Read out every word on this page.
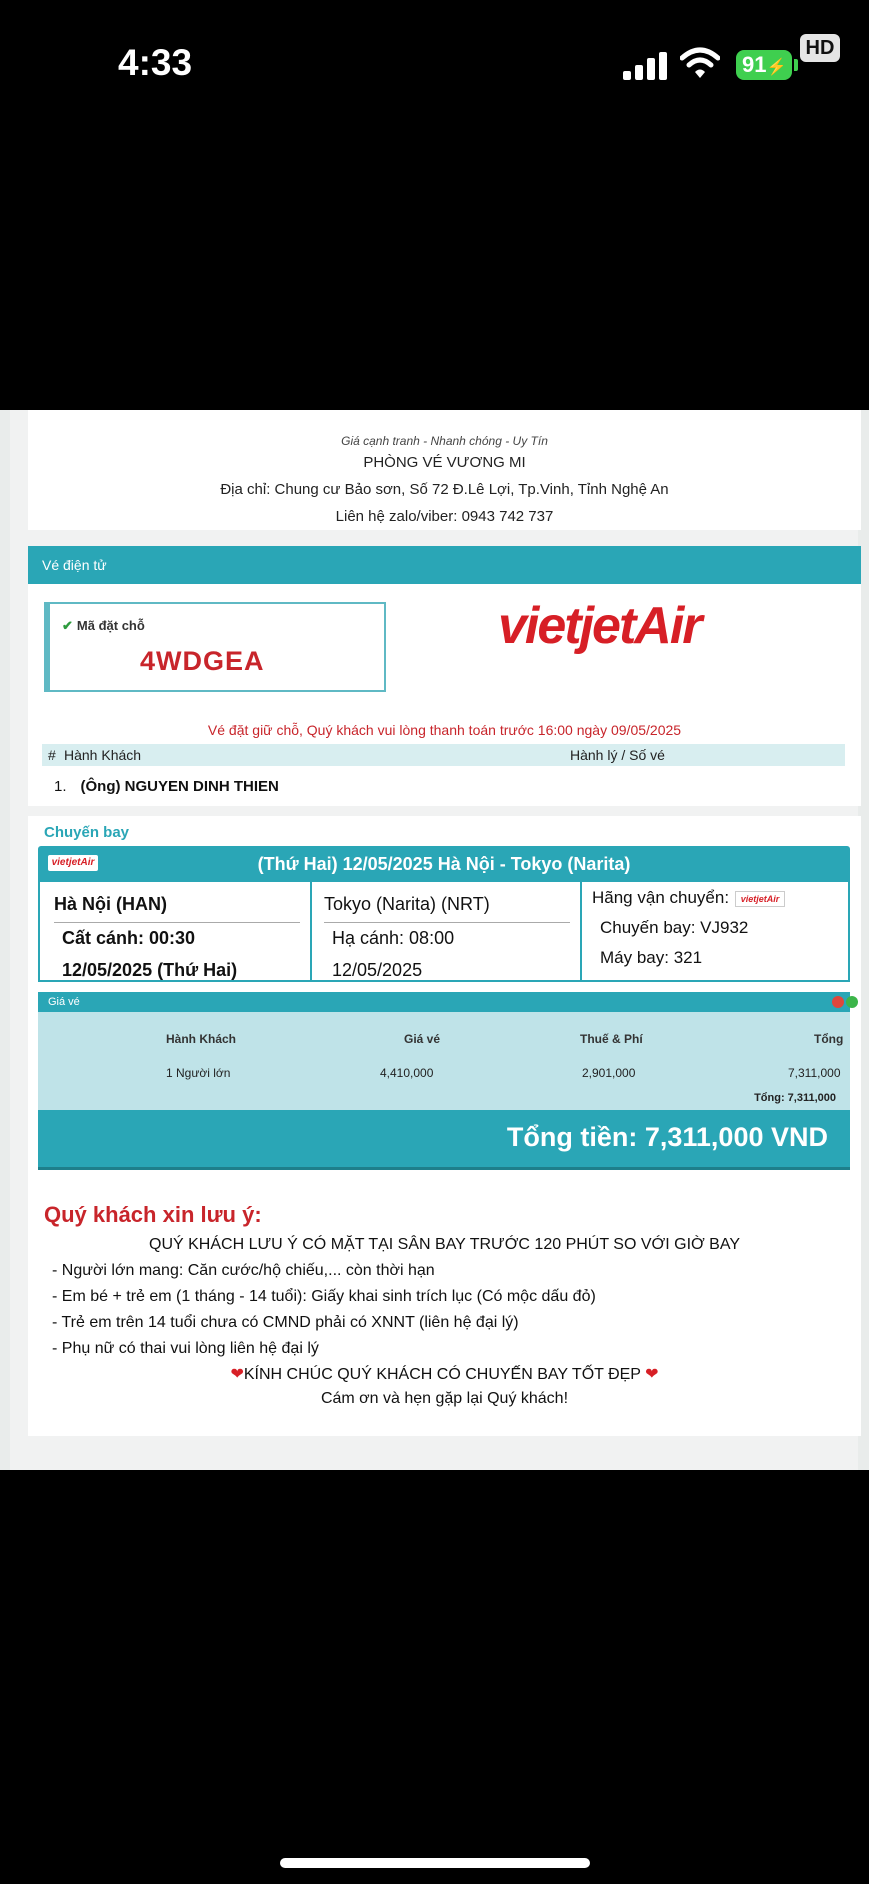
4:33	91⚡
HD
Giá cạnh tranh - Nhanh chóng - Uy Tín
PHÒNG VÉ VƯƠNG MI
Địa chỉ: Chung cư Bảo sơn, Số 72 Đ.Lê Lợi, Tp.Vinh, Tỉnh Nghệ An
Liên hệ zalo/viber: 0943 742 737
Vé điện tử
✔ Mã đặt chỗ
4WDGEA
vietjetAir
Vé đặt giữ chỗ, Quý khách vui lòng thanh toán trước 16:00 ngày 09/05/2025
# Hành Khách	Hành lý / Số vé
1. (Ông) NGUYEN DINH THIEN
Chuyến bay
vietjetAir	(Thứ Hai) 12/05/2025 Hà Nội - Tokyo (Narita)
Hà Nội (HAN)
Cất cánh: 00:30
12/05/2025 (Thứ Hai)
Tokyo (Narita) (NRT)
Hạ cánh: 08:00
12/05/2025
Hãng vận chuyển: vietjetAir
Chuyến bay: VJ932
Máy bay: 321
Giá vé
Hành Khách	Giá vé	Thuế & Phí	Tổng
1 Người lớn	4,410,000	2,901,000	7,311,000
Tổng: 7,311,000
Tổng tiền: 7,311,000 VND
Quý khách xin lưu ý:
QUÝ KHÁCH LƯU Ý CÓ MẶT TẠI SÂN BAY TRƯỚC 120 PHÚT SO VỚI GIỜ BAY
- Người lớn mang: Căn cước/hộ chiếu,... còn thời hạn
- Em bé + trẻ em (1 tháng - 14 tuổi): Giấy khai sinh trích lục (Có mộc dấu đỏ)
- Trẻ em trên 14 tuổi chưa có CMND phải có XNNT (liên hệ đại lý)
- Phụ nữ có thai vui lòng liên hệ đại lý
❤KÍNH CHÚC QUÝ KHÁCH CÓ CHUYẾN BAY TỐT ĐẸP ❤
Cám ơn và hẹn gặp lại Quý khách!
